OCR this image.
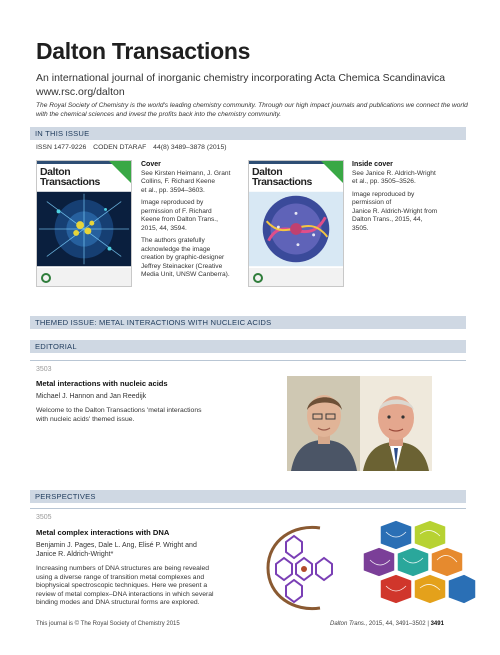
Dalton Transactions
An international journal of inorganic chemistry incorporating Acta Chemica Scandinavica
www.rsc.org/dalton
The Royal Society of Chemistry is the world's leading chemistry community. Through our high impact journals and publications we connect the world with the chemical sciences and invest the profits back into the chemistry community.
IN THIS ISSUE
ISSN 1477-9226 CODEN DTARAF 44(8) 3489–3878 (2015)
Dalton
Transactions
Cover
See Kirsten Heimann, J. Grant
Collins, F. Richard Keene
et al., pp. 3594–3603.

Image reproduced by
permission of F. Richard
Keene from Dalton Trans.,
2015, 44, 3594.

The authors gratefully
acknowledge the image
creation by graphic-designer
Jeffrey Steinacker (Creative
Media Unit, UNSW Canberra).
Dalton
Transactions
Inside cover
See Janice R. Aldrich-Wright
et al., pp. 3505–3526.

Image reproduced by
permission of
Janice R. Aldrich-Wright from
Dalton Trans., 2015, 44,
3505.
THEMED ISSUE: METAL INTERACTIONS WITH NUCLEIC ACIDS
EDITORIAL
3503
Metal interactions with nucleic acids
Michael J. Hannon and Jan Reedijk
Welcome to the Dalton Transactions 'metal interactions
with nucleic acids' themed issue.
PERSPECTIVES
3505
Metal complex interactions with DNA
Benjamin J. Pages, Dale L. Ang, Elisé P. Wright and
Janice R. Aldrich-Wright*
Increasing numbers of DNA structures are being revealed
using a diverse range of transition metal complexes and
biophysical spectroscopic techniques. Here we present a
review of metal complex–DNA interactions in which several
binding modes and DNA structural forms are explored.
This journal is © The Royal Society of Chemistry 2015	Dalton Trans., 2015, 44, 3491–3502 | 3491
